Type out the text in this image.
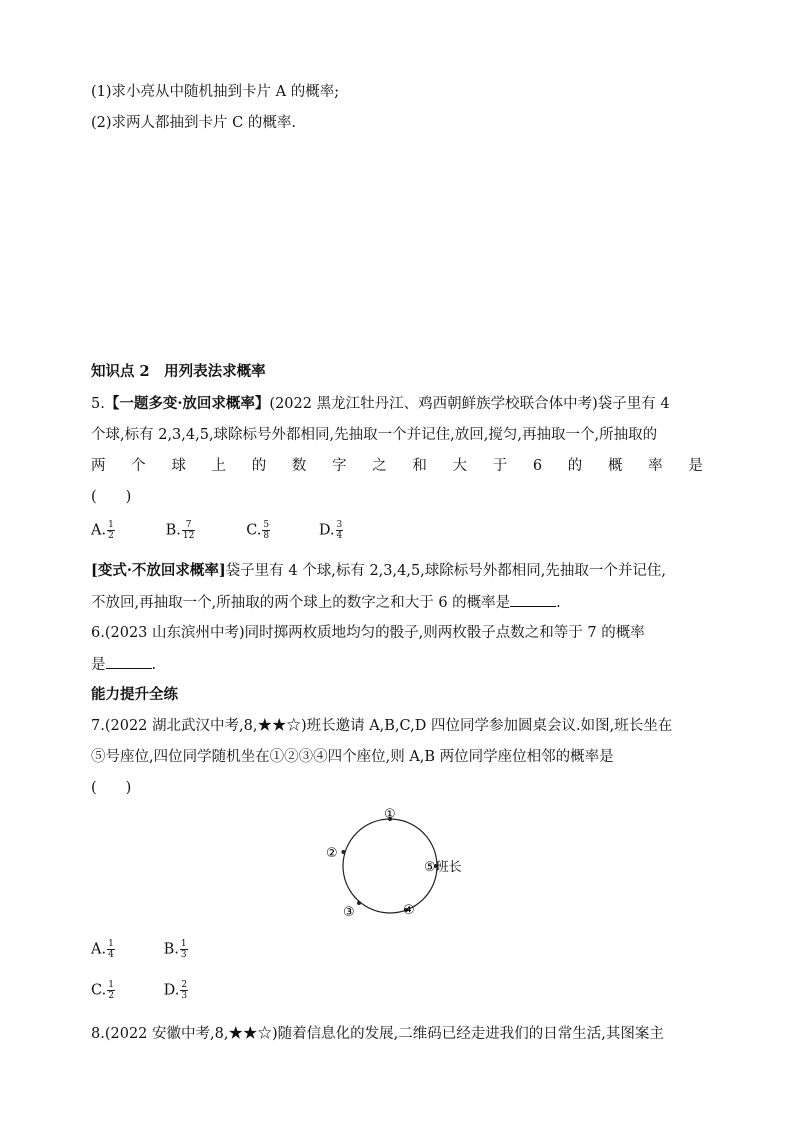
(1)求小亮从中随机抽到卡片 A 的概率;
(2)求两人都抽到卡片 C 的概率.
知识点 2　用列表法求概率
5.【一题多变·放回求概率】(2022 黑龙江牡丹江、鸡西朝鲜族学校联合体中考)袋子里有 4
个球,标有 2,3,4,5,球除标号外都相同,先抽取一个并记住,放回,搅匀,再抽取一个,所抽取的
两 个 球 上 的 数 字 之 和 大 于 6 的 概 率 是
(　　)
A. $\frac{1}{2}$	B. $\frac{7}{12}$	C. $\frac{5}{8}$	D. $\frac{3}{4}$
[变式·不放回求概率]袋子里有 4 个球,标有 2,3,4,5,球除标号外都相同,先抽取一个并记住,
不放回,再抽取一个,所抽取的两个球上的数字之和大于 6 的概率是	.
6.(2023 山东滨州中考)同时掷两枚质地均匀的骰子,则两枚骰子点数之和等于 7 的概率
是	.
能力提升全练
7.(2022 湖北武汉中考,8,★★☆)班长邀请 A,B,C,D 四位同学参加圆桌会议.如图,班长坐在
⑤号座位,四位同学随机坐在①②③④四个座位,则 A,B 两位同学座位相邻的概率是
(　　)
①
②
③	④
⑤班长
A. $\frac{1}{4}$	B. $\frac{1}{3}$
C. $\frac{1}{2}$	D. $\frac{2}{3}$
8.(2022 安徽中考,8,★★☆)随着信息化的发展,二维码已经走进我们的日常生活,其图案主
